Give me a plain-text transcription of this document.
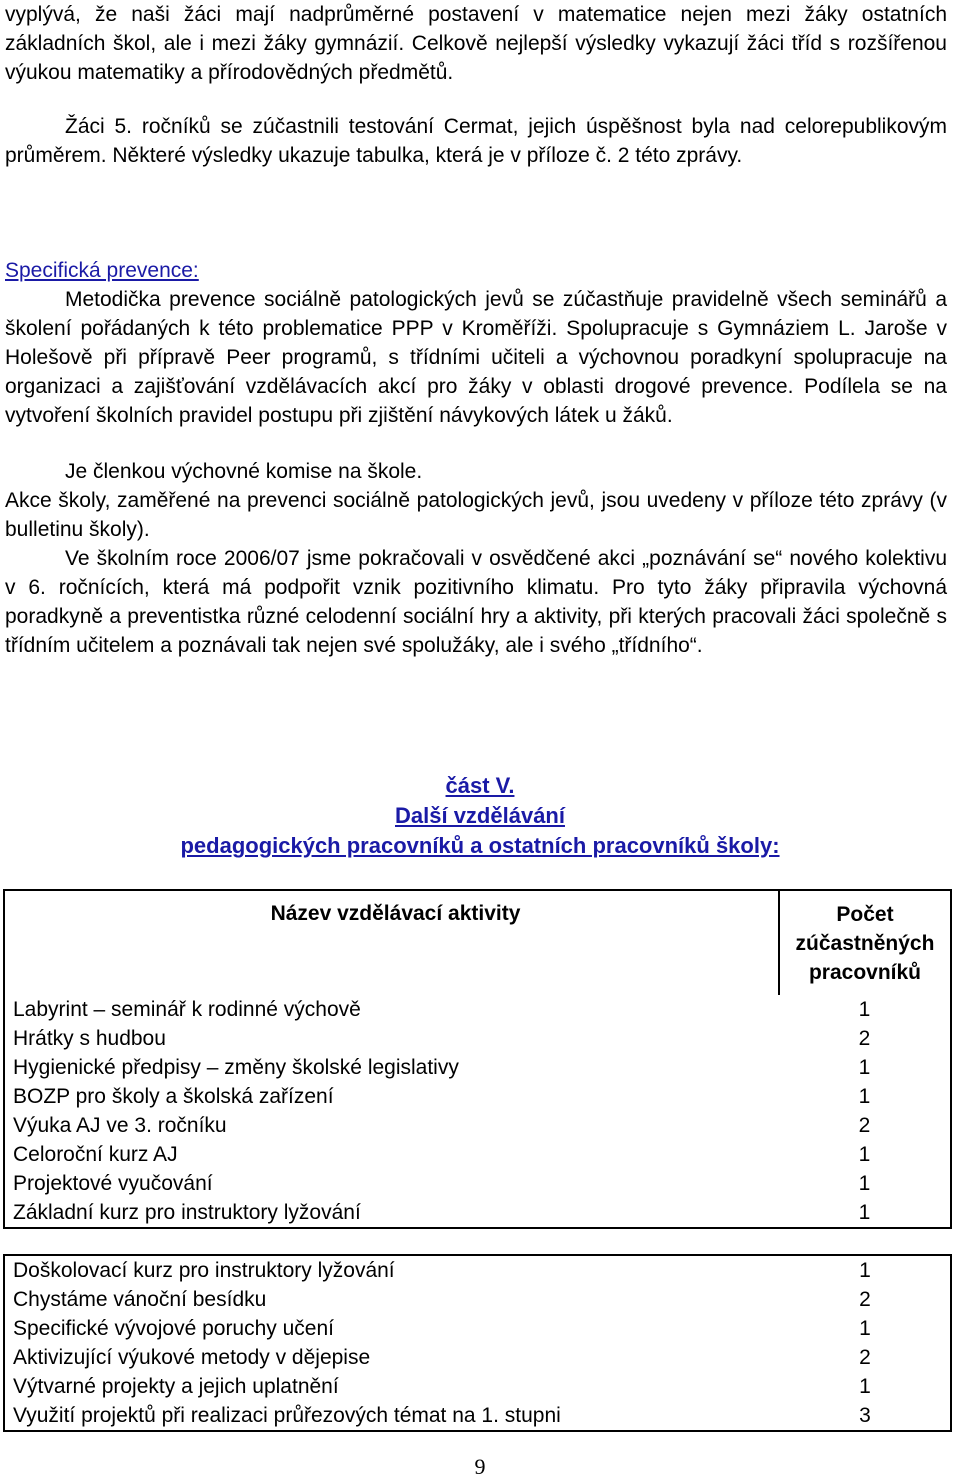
vyplývá, že naši žáci mají nadprůměrné postavení v matematice nejen mezi žáky ostatních základních škol, ale i mezi žáky gymnázií. Celkově nejlepší výsledky vykazují žáci tříd s rozšířenou výukou matematiky a přírodovědných předmětů.

Žáci 5. ročníků se zúčastnili testování Cermat, jejich úspěšnost byla nad celorepublikovým průměrem. Některé výsledky ukazuje tabulka, která je v příloze č. 2 této zprávy.

Specifická prevence:

Metodička prevence sociálně patologických jevů se zúčastňuje pravidelně všech seminářů a školení pořádaných k této problematice PPP v Kroměříži. Spolupracuje s Gymnáziem L. Jaroše v Holešově při přípravě Peer programů, s třídními učiteli a výchovnou poradkyní spolupracuje na organizaci a zajišťování vzdělávacích akcí pro žáky v oblasti drogové prevence. Podílela se na vytvoření školních pravidel postupu při zjištění návykových látek u žáků.

Je členkou výchovné komise na škole.

Akce školy, zaměřené na prevenci sociálně patologických jevů, jsou uvedeny v příloze této zprávy (v bulletinu školy).

Ve školním roce 2006/07 jsme pokračovali v osvědčené akci „poznávání se“ nového kolektivu v 6. ročnících, která má podpořit vznik pozitivního klimatu. Pro tyto žáky připravila výchovná poradkyně a preventistka různé celodenní sociální hry a aktivity, při kterých pracovali žáci společně s třídním učitelem a poznávali tak nejen své spolužáky, ale i svého „třídního“.

část V.
Další vzdělávání
pedagogických pracovníků a ostatních pracovníků školy:
Název vzdělávací aktivity	Počet zúčastněných pracovníků
Labyrint – seminář k rodinné výchově	1
Hrátky s hudbou	2
Hygienické předpisy – změny školské legislativy	1
BOZP pro školy a školská zařízení	1
Výuka AJ ve 3. ročníku	2
Celoroční kurz AJ	1
Projektové vyučování	1
Základní kurz pro instruktory lyžování	1
Doškolovací kurz pro instruktory lyžování	1
Chystáme vánoční besídku	2
Specifické vývojové poruchy učení	1
Aktivizující výukové metody v dějepise	2
Výtvarné projekty a jejich uplatnění	1
Využití projektů při realizaci průřezových témat na 1. stupni	3
9
